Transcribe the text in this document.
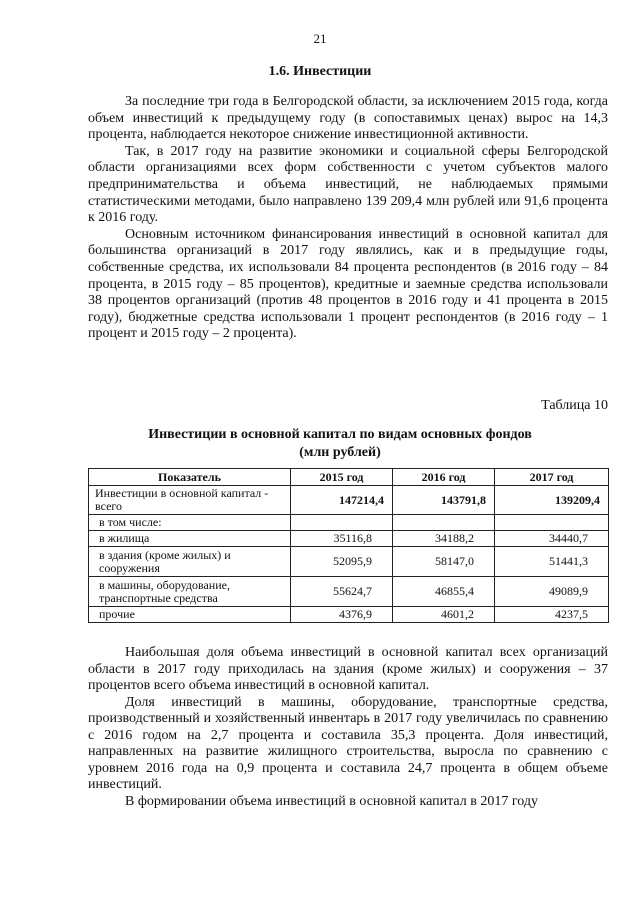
21
1.6. Инвестиции

За последние три года в Белгородской области, за исключением 2015 года, когда объем инвестиций к предыдущему году (в сопоставимых ценах) вырос на 14,3 процента, наблюдается некоторое снижение инвестиционной активности.

Так, в 2017 году на развитие экономики и социальной сферы Белгородской области организациями всех форм собственности с учетом субъектов малого предпринимательства и объема инвестиций, не наблюдаемых прямыми статистическими методами, было направлено 139 209,4 млн рублей или 91,6 процента к 2016 году.

Основным источником финансирования инвестиций в основной капитал для большинства организаций в 2017 году являлись, как и в предыдущие годы, собственные средства, их использовали 84 процента респондентов (в 2016 году – 84 процента, в 2015 году – 85 процентов), кредитные и заемные средства использовали 38 процентов организаций (против 48 процентов в 2016 году и 41 процента в 2015 году), бюджетные средства использовали 1 процент респондентов (в 2016 году – 1 процент и 2015 году – 2 процента).

Таблица 10
Инвестиции в основной капитал по видам основных фондов
(млн рублей)
Показатель	2015 год	2016 год	2017 год
Инвестиции в основной капитал - всего	147214,4	143791,8	139209,4
в том числе:			
в жилища	35116,8	34188,2	34440,7
в здания (кроме жилых) и сооружения	52095,9	58147,0	51441,3
в машины, оборудование, транспортные средства	55624,7	46855,4	49089,9
прочие	4376,9	4601,2	4237,5

Наибольшая доля объема инвестиций в основной капитал всех организаций области в 2017 году приходилась на здания (кроме жилых) и сооружения – 37 процентов всего объема инвестиций в основной капитал.

Доля инвестиций в машины, оборудование, транспортные средства, производственный и хозяйственный инвентарь в 2017 году увеличилась по сравнению с 2016 годом на 2,7 процента и составила 35,3 процента. Доля инвестиций, направленных на развитие жилищного строительства, выросла по сравнению с уровнем 2016 года на 0,9 процента и составила 24,7 процента в общем объеме инвестиций.

В формировании объема инвестиций в основной капитал в 2017 году
